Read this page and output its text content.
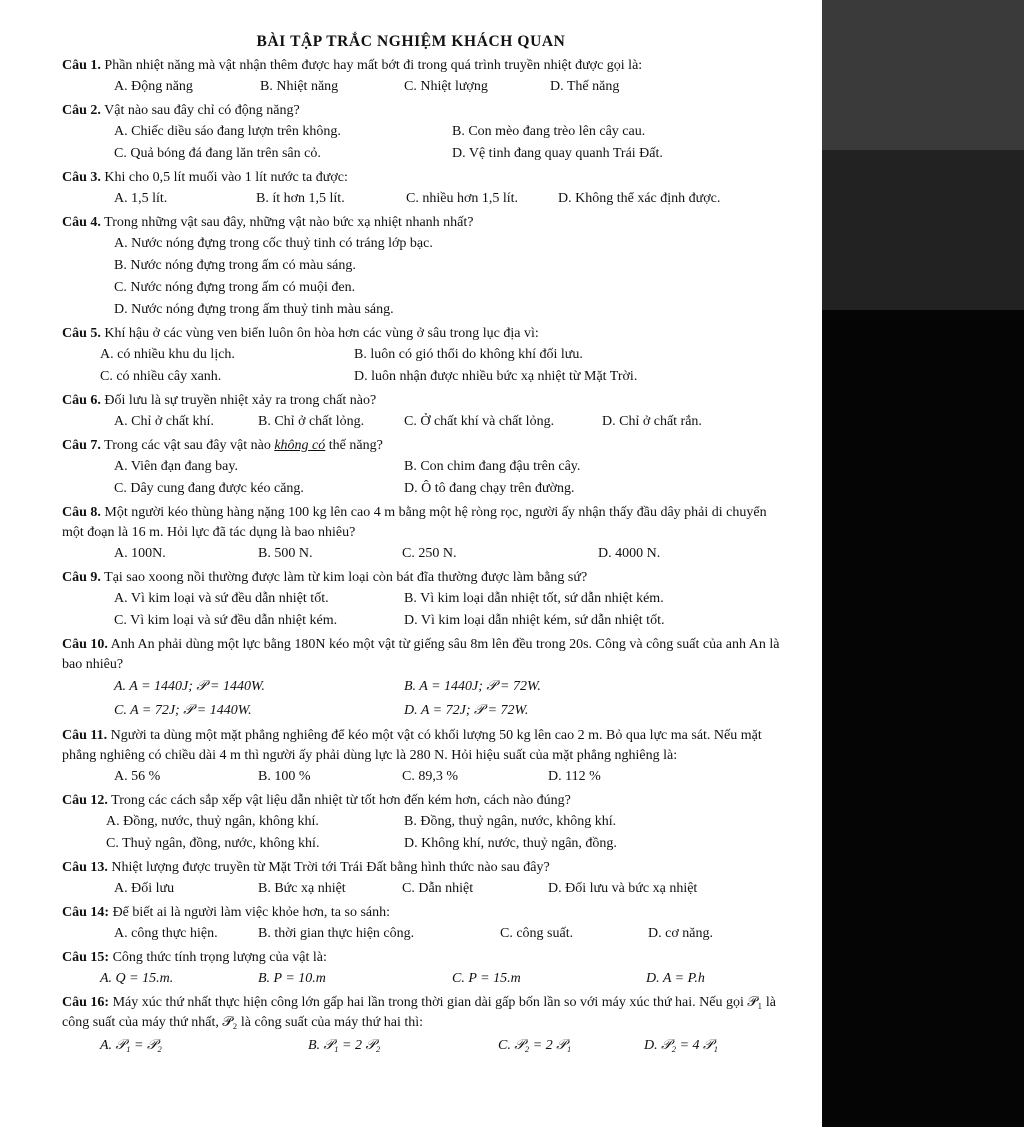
BÀI TẬP TRẮC NGHIỆM KHÁCH QUAN
Câu 1. Phần nhiệt năng mà vật nhận thêm được hay mất bớt đi trong quá trình truyền nhiệt được gọi là:
A. Động năng	B. Nhiệt năng	C. Nhiệt lượng	D. Thế năng
Câu 2. Vật nào sau đây chỉ có động năng?
A. Chiếc diều sáo đang lượn trên không.	B. Con mèo đang trèo lên cây cau.
C. Quả bóng đá đang lăn trên sân cỏ.	D. Vệ tinh đang quay quanh Trái Đất.
Câu 3. Khi cho 0,5 lít muối vào 1 lít nước ta được:
A. 1,5 lít.	B. ít hơn 1,5 lít.	C. nhiều hơn 1,5 lít.	D. Không thể xác định được.
Câu 4. Trong những vật sau đây, những vật nào bức xạ nhiệt nhanh nhất?
A. Nước nóng đựng trong cốc thuỷ tinh có tráng lớp bạc.
B. Nước nóng đựng trong ấm có màu sáng.
C. Nước nóng đựng trong ấm có muội đen.
D. Nước nóng đựng trong ấm thuỷ tinh màu sáng.
Câu 5. Khí hậu ở các vùng ven biển luôn ôn hòa hơn các vùng ở sâu trong lục địa vì:
A. có nhiều khu du lịch.	B. luôn có gió thổi do không khí đối lưu.
C. có nhiều cây xanh.	D. luôn nhận được nhiều bức xạ nhiệt từ Mặt Trời.
Câu 6. Đối lưu là sự truyền nhiệt xảy ra trong chất nào?
A. Chỉ ở chất khí.	B. Chỉ ở chất lỏng.	C. Ở chất khí và chất lỏng.	D. Chỉ ở chất rắn.
Câu 7. Trong các vật sau đây vật nào không có thế năng?
A. Viên đạn đang bay.	B. Con chim đang đậu trên cây.
C. Dây cung đang được kéo căng.	D. Ô tô đang chạy trên đường.
Câu 8. Một người kéo thùng hàng nặng 100 kg lên cao 4 m bằng một hệ ròng rọc, người ấy nhận thấy đầu dây phải di chuyển một đoạn là 16 m. Hỏi lực đã tác dụng là bao nhiêu?
A. 100N.	B. 500 N.	C. 250 N.	D. 4000 N.
Câu 9. Tại sao xoong nồi thường được làm từ kim loại còn bát đĩa thường được làm bằng sứ?
A. Vì kim loại và sứ đều dẫn nhiệt tốt.	B. Vì kim loại dẫn nhiệt tốt, sứ dẫn nhiệt kém.
C. Vì kim loại và sứ đều dẫn nhiệt kém.	D. Vì kim loại dẫn nhiệt kém, sứ dẫn nhiệt tốt.
Câu 10. Anh An phải dùng một lực bằng 180N kéo một vật từ giếng sâu 8m lên đều trong 20s. Công và công suất của anh An là bao nhiêu?
A. A = 1440J; 𝒫 = 1440W.	B. A = 1440J; 𝒫 = 72W.
C. A = 72J; 𝒫 = 1440W.	D. A = 72J; 𝒫 = 72W.
Câu 11. Người ta dùng một mặt phẳng nghiêng để kéo một vật có khối lượng 50 kg lên cao 2 m. Bỏ qua lực ma sát. Nếu mặt phẳng nghiêng có chiều dài 4 m thì người ấy phải dùng lực là 280 N. Hỏi hiệu suất của mặt phẳng nghiêng là:
A. 56 %	B. 100 %	C. 89,3 %	D. 112 %
Câu 12. Trong các cách sắp xếp vật liệu dẫn nhiệt từ tốt hơn đến kém hơn, cách nào đúng?
A. Đồng, nước, thuỷ ngân, không khí.	B. Đồng, thuỷ ngân, nước, không khí.
C. Thuỷ ngân, đồng, nước, không khí.	D. Không khí, nước, thuỷ ngân, đồng.
Câu 13. Nhiệt lượng được truyền từ Mặt Trời tới Trái Đất bằng hình thức nào sau đây?
A. Đối lưu	B. Bức xạ nhiệt	C. Dẫn nhiệt	D. Đối lưu và bức xạ nhiệt
Câu 14: Để biết ai là người làm việc khỏe hơn, ta so sánh:
A. công thực hiện.	B. thời gian thực hiện công.	C. công suất.	D. cơ năng.
Câu 15: Công thức tính trọng lượng của vật là:
A. Q = 15.m.	B. P = 10.m	C. P = 15.m	D. A = P.h
Câu 16: Máy xúc thứ nhất thực hiện công lớn gấp hai lần trong thời gian dài gấp bốn lần so với máy xúc thứ hai. Nếu gọi 𝒫₁ là công suất của máy thứ nhất, 𝒫₂ là công suất của máy thứ hai thì:
A. 𝒫₁ = 𝒫₂	B. 𝒫₁ = 2 𝒫₂	C. 𝒫₂ = 2 𝒫₁	D. 𝒫₂ = 4 𝒫₁
